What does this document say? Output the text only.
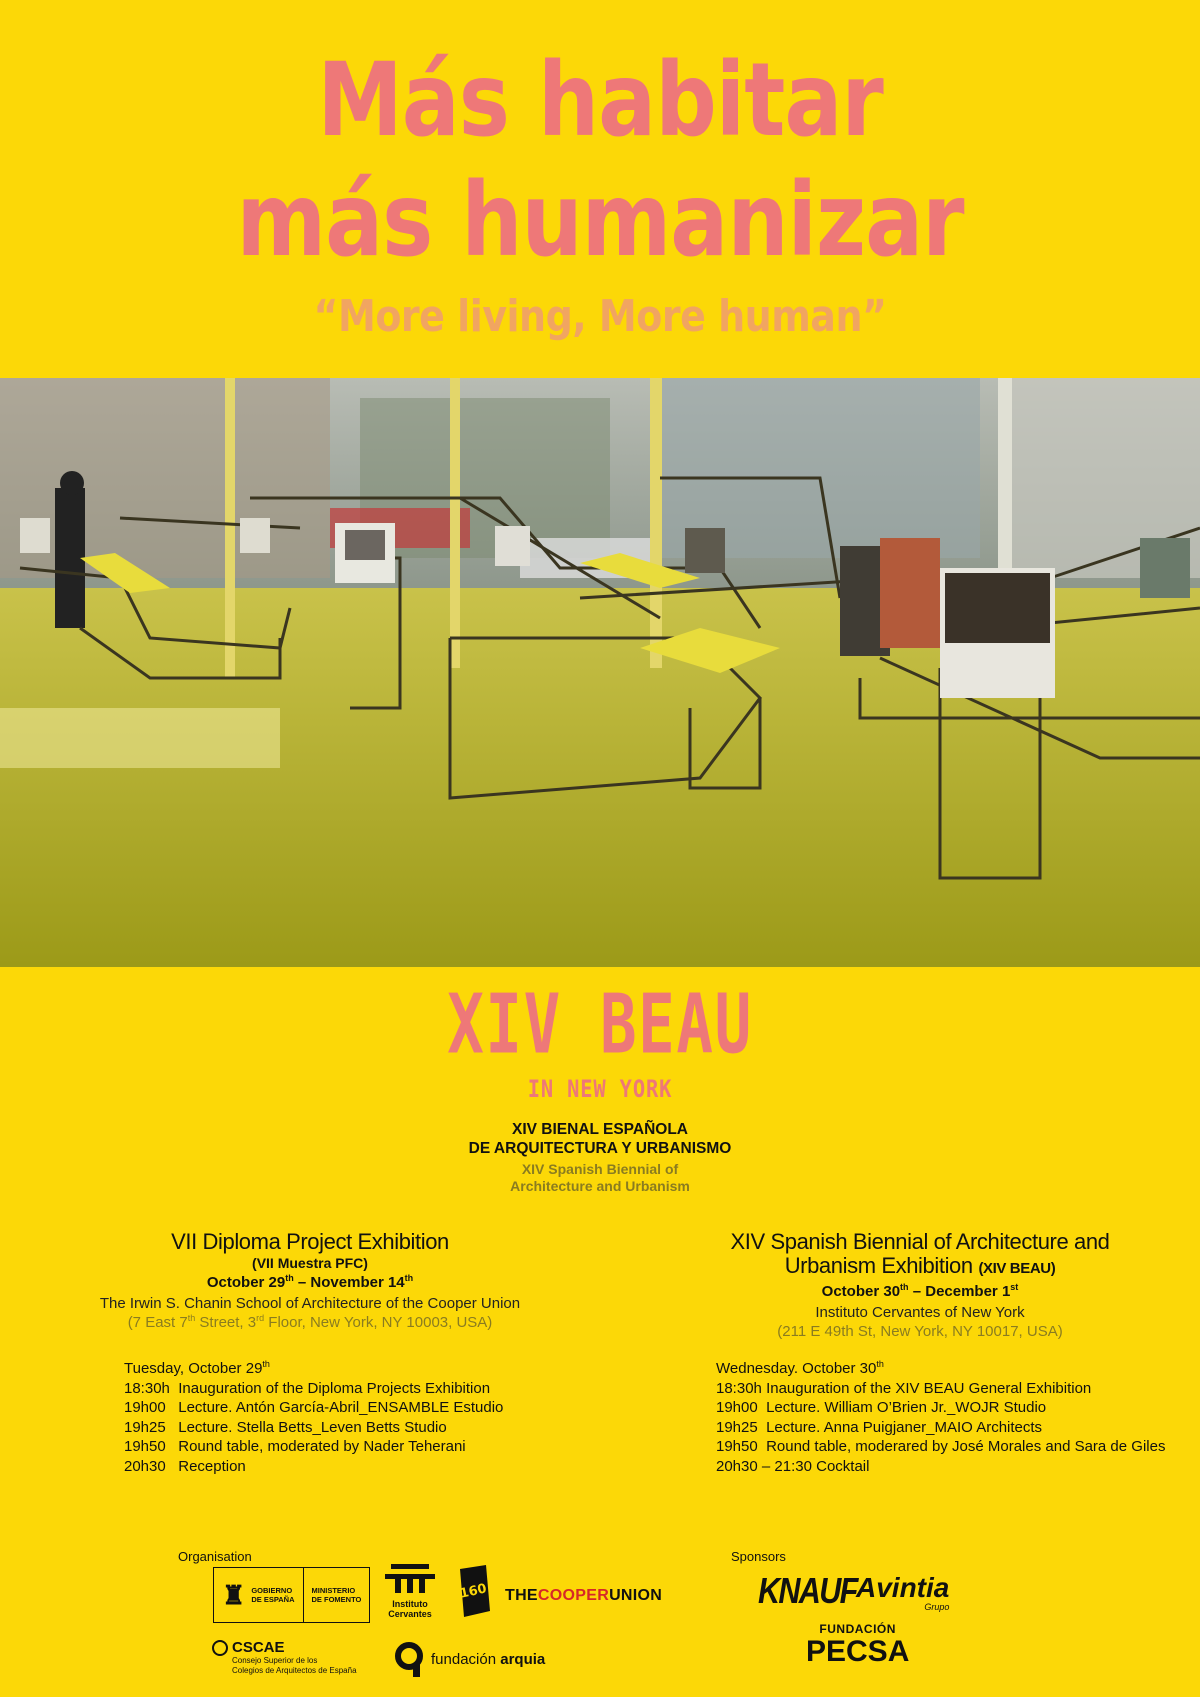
Más habitar
más humanizar
“More living, More human”
XIV BEAU
IN NEW YORK
XIV BIENAL ESPAÑOLA
DE ARQUITECTURA Y URBANISMO
XIV Spanish Biennial of
Architecture and Urbanism
VII Diploma Project Exhibition
(VII Muestra PFC)
October 29th – November 14th
The Irwin S. Chanin School of Architecture of the Cooper Union
(7 East 7th Street, 3rd Floor, New York, NY 10003, USA)
Tuesday, October 29th
18:30h Inauguration of the Diploma Projects Exhibition
19h00 Lecture. Antón García-Abril_ENSAMBLE Estudio
19h25 Lecture. Stella Betts_Leven Betts Studio
19h50 Round table, moderated by Nader Teherani
20h30 Reception
XIV Spanish Biennial of Architecture and
Urbanism Exhibition (XIV BEAU)
October 30th – December 1st
Instituto Cervantes of New York
(211 E 49th St, New York, NY 10017, USA)
Wednesday. October 30th
18:30h Inauguration of the XIV BEAU General Exhibition
19h00 Lecture. William O’Brien Jr._WOJR Studio
19h25 Lecture. Anna Puigjaner_MAIO Architects
19h50 Round table, moderared by José Morales and Sara de Giles
20h30 – 21:30 Cocktail
Organisation
♜ GOBIERNO
DE ESPAÑA
MINISTERIO
DE FOMENTO	Instituto
Cervantes
160 THECOOPERUNION
CSCAE
Consejo Superior de los
Colegios de Arquitectos de España
fundación arquia
Sponsors
KNAUF Avintia
Grupo
FUNDACIÓN
PECSA
